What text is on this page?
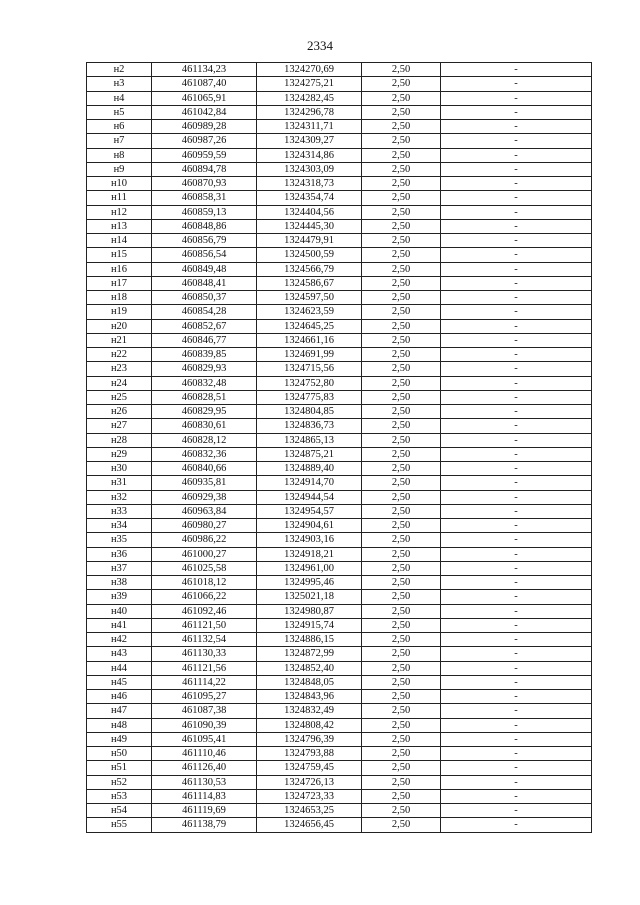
2334
н2	461134,23	1324270,69	2,50	-
н3	461087,40	1324275,21	2,50	-
н4	461065,91	1324282,45	2,50	-
н5	461042,84	1324296,78	2,50	-
н6	460989,28	1324311,71	2,50	-
н7	460987,26	1324309,27	2,50	-
н8	460959,59	1324314,86	2,50	-
н9	460894,78	1324303,09	2,50	-
н10	460870,93	1324318,73	2,50	-
н11	460858,31	1324354,74	2,50	-
н12	460859,13	1324404,56	2,50	-
н13	460848,86	1324445,30	2,50	-
н14	460856,79	1324479,91	2,50	-
н15	460856,54	1324500,59	2,50	-
н16	460849,48	1324566,79	2,50	-
н17	460848,41	1324586,67	2,50	-
н18	460850,37	1324597,50	2,50	-
н19	460854,28	1324623,59	2,50	-
н20	460852,67	1324645,25	2,50	-
н21	460846,77	1324661,16	2,50	-
н22	460839,85	1324691,99	2,50	-
н23	460829,93	1324715,56	2,50	-
н24	460832,48	1324752,80	2,50	-
н25	460828,51	1324775,83	2,50	-
н26	460829,95	1324804,85	2,50	-
н27	460830,61	1324836,73	2,50	-
н28	460828,12	1324865,13	2,50	-
н29	460832,36	1324875,21	2,50	-
н30	460840,66	1324889,40	2,50	-
н31	460935,81	1324914,70	2,50	-
н32	460929,38	1324944,54	2,50	-
н33	460963,84	1324954,57	2,50	-
н34	460980,27	1324904,61	2,50	-
н35	460986,22	1324903,16	2,50	-
н36	461000,27	1324918,21	2,50	-
н37	461025,58	1324961,00	2,50	-
н38	461018,12	1324995,46	2,50	-
н39	461066,22	1325021,18	2,50	-
н40	461092,46	1324980,87	2,50	-
н41	461121,50	1324915,74	2,50	-
н42	461132,54	1324886,15	2,50	-
н43	461130,33	1324872,99	2,50	-
н44	461121,56	1324852,40	2,50	-
н45	461114,22	1324848,05	2,50	-
н46	461095,27	1324843,96	2,50	-
н47	461087,38	1324832,49	2,50	-
н48	461090,39	1324808,42	2,50	-
н49	461095,41	1324796,39	2,50	-
н50	461110,46	1324793,88	2,50	-
н51	461126,40	1324759,45	2,50	-
н52	461130,53	1324726,13	2,50	-
н53	461114,83	1324723,33	2,50	-
н54	461119,69	1324653,25	2,50	-
н55	461138,79	1324656,45	2,50	-
